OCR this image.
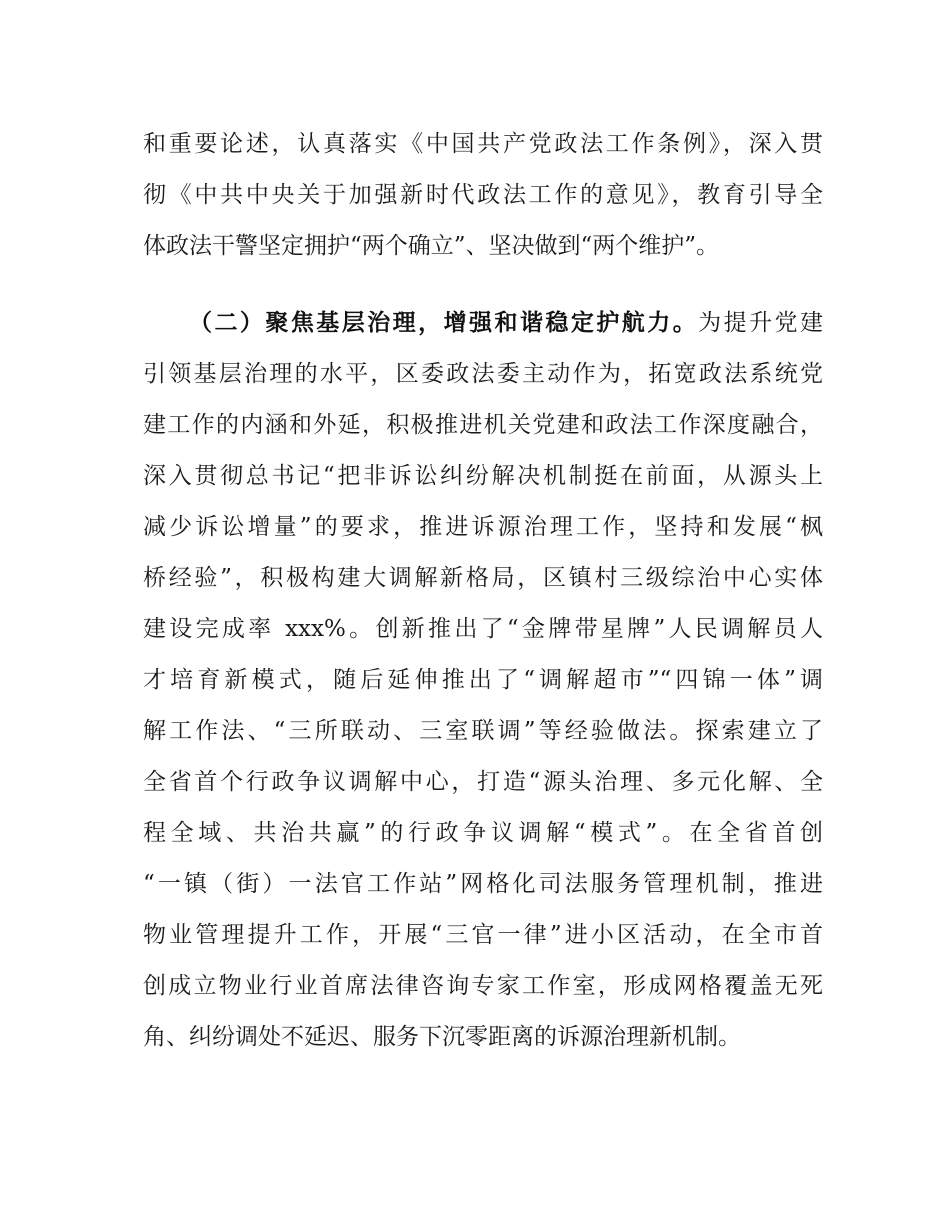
和重要论述，认真落实《中国共产党政法工作条例》，深入贯
彻《中共中央关于加强新时代政法工作的意见》，教育引导全
体政法干警坚定拥护“两个确立”、坚决做到“两个维护”。
（二）聚焦基层治理，增强和谐稳定护航力。为提升党建
引领基层治理的水平，区委政法委主动作为，拓宽政法系统党
建工作的内涵和外延，积极推进机关党建和政法工作深度融合，
深入贯彻总书记“把非诉讼纠纷解决机制挺在前面，从源头上
减少诉讼增量”的要求，推进诉源治理工作，坚持和发展“枫
桥经验”，积极构建大调解新格局，区镇村三级综治中心实体
建设完成率 xxx%。创新推出了“金牌带星牌”人民调解员人
才培育新模式，随后延伸推出了“调解超市”“四锦一体”调
解工作法、“三所联动、三室联调”等经验做法。探索建立了
全省首个行政争议调解中心，打造“源头治理、多元化解、全
程全域、共治共赢”的行政争议调解“模式”。在全省首创
“一镇（街）一法官工作站”网格化司法服务管理机制，推进
物业管理提升工作，开展“三官一律”进小区活动，在全市首
创成立物业行业首席法律咨询专家工作室，形成网格覆盖无死
角、纠纷调处不延迟、服务下沉零距离的诉源治理新机制。
